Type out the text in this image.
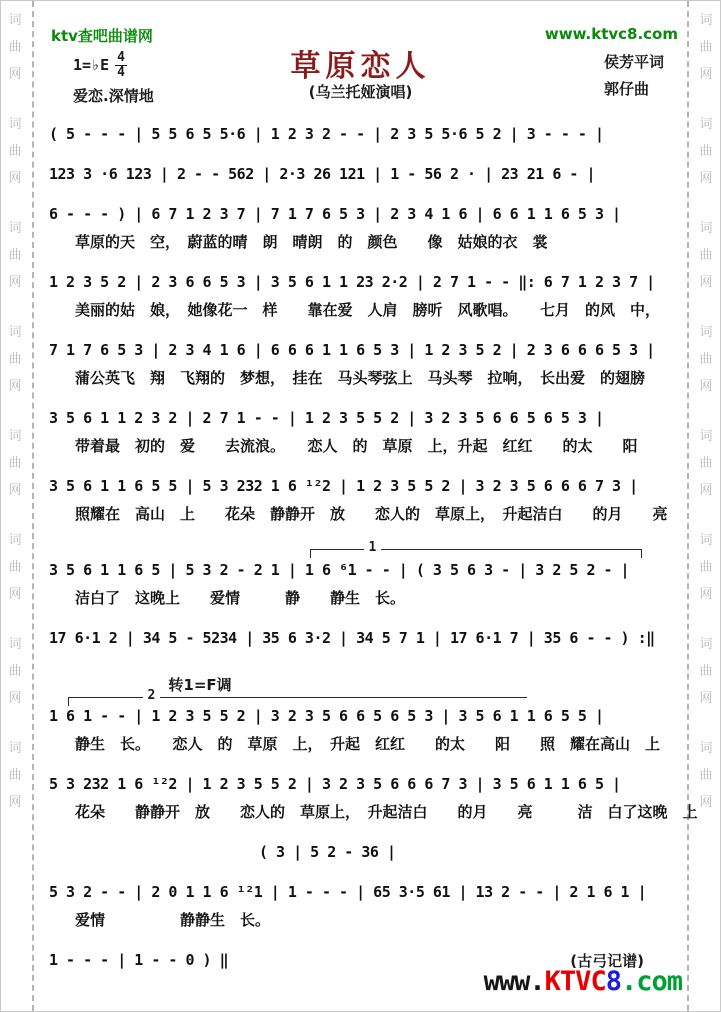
词
曲
网
词
曲
网
词
曲
网
词
曲
网
词
曲
网
词
曲
网
词
曲
网
词
曲
网
词
曲
网
词
曲
网
词
曲
网
词
曲
网
词
曲
网
词
曲
网
词
曲
网
词
曲
网
ktv查吧曲谱网	www.ktvc8.com
草原恋人
(乌兰托娅演唱)
1=♭E 4
4
爱恋.深情地
侯芳平词
郭仔曲
( 5 - - - | 5 5 6 5 5·6 | 1 2 3 2 - - | 2 3 5 5·6 5 2 | 3 - - - |
123 3 ·6 123 | 2 - - 562 | 2·3 26 121 | 1 - 56 2 · | 23 21 6 - |
6 - - - ) | 6 7 1 2 3 7 | 7 1 7 6 5 3 | 2 3 4 1 6 | 6 6 1 1 6 5 3 |
草原的天　空，　蔚蓝的晴　朗　晴朗　的　颜色　　像　姑娘的衣　裳
1 2 3 5 2 | 2 3 6 6 5 3 | 3 5 6 1 1 23 2·2 | 2 7 1 - - ‖: 6 7 1 2 3 7 |
美丽的姑　娘，　她像花一　样　　靠在爱　人肩　膀听　风歌唱。　　七月　的风　中，
7 1 7 6 5 3 | 2 3 4 1 6 | 6 6 6 1 1 6 5 3 | 1 2 3 5 2 | 2 3 6 6 6 5 3 |
蒲公英飞　翔　飞翔的　梦想，　挂在　马头琴弦上　马头琴　拉响，　长出爱　的翅膀
3 5 6 1 1 2 3 2 | 2 7 1 - - | 1 2 3 5 5 2 | 3 2 3 5 6 6 5 6 5 3 |
带着最　初的　爱　　去流浪。　　恋人　的　草原　上，升起　红红　　的太　　阳
3 5 6 1 1 6 5 5 | 5 3 232 1 6 ¹²2 | 1 2 3 5 5 2 | 3 2 3 5 6 6 6 7 3 |
照耀在　高山　上　　花朵　静静开　放　　恋人的　草原上，　升起洁白　　的月　　亮
1
3 5 6 1 1 6 5 | 5 3 2 - 2 1 | 1 6 ⁶1 - - | ( 3 5 6 3 - | 3 2 5 2 - |
洁白了　这晚上　　爱情　　　静　　静生　长。
17 6·1 2 | 34 5 - 5234 | 35 6 3·2 | 34 5 7 1 | 17 6·1 7 | 35 6 - - ) :‖
2
转1=F调
1 6 1 - - | 1 2 3 5 5 2 | 3 2 3 5 6 6 5 6 5 3 | 3 5 6 1 1 6 5 5 |
静生　长。　　恋人　的　草原　上，　升起　红红　　的太　　阳　　照　耀在高山　上
5 3 232 1 6 ¹²2 | 1 2 3 5 5 2 | 3 2 3 5 6 6 6 7 3 | 3 5 6 1 1 6 5 |
花朵　　静静开　放　　恋人的　草原上，　升起洁白　　的月　　亮　　　洁　白了这晚　上
( 3 | 5 2 - 36 |
5 3 2 - - | 2 0 1 1 6 ¹²1 | 1 - - - | 65 3·5 61 | 13 2 - - | 2 1 6 1 |
爱情　　　　　静静生　长。
1 - - - | 1 - - 0 ) ‖	(古弓记谱)
www.KTVC8.com
